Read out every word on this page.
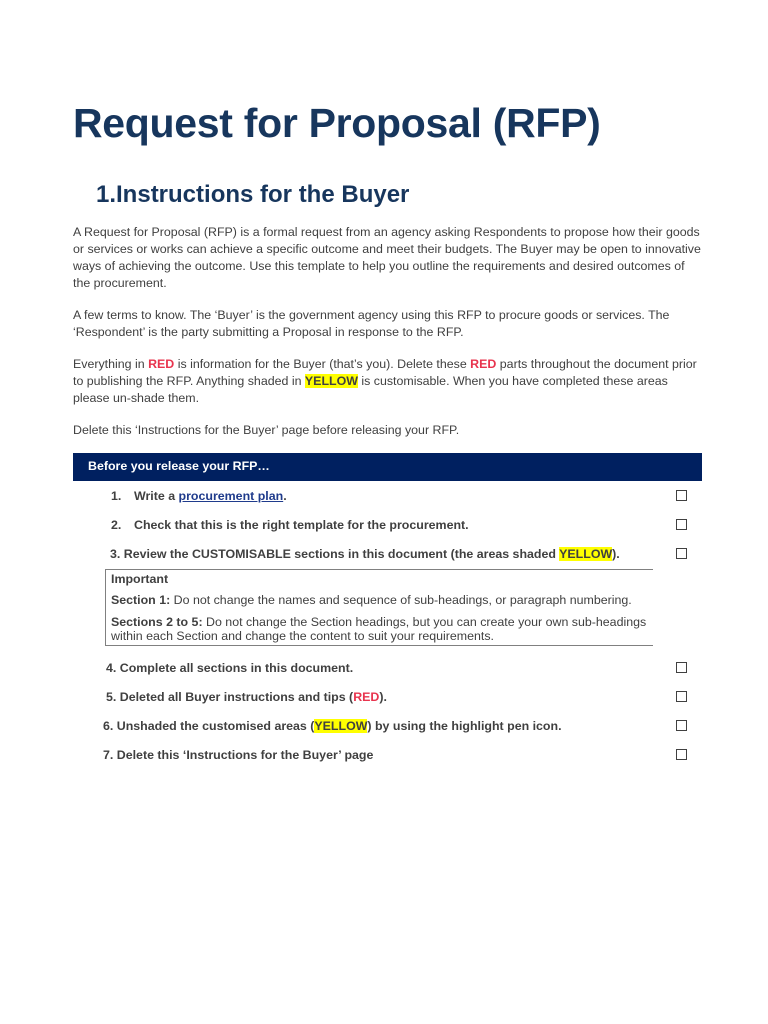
Request for Proposal (RFP)
1.Instructions for the Buyer

A Request for Proposal (RFP) is a formal request from an agency asking Respondents to propose how their goods or services or works can achieve a specific outcome and meet their budgets. The Buyer may be open to innovative ways of achieving the outcome. Use this template to help you outline the requirements and desired outcomes of the procurement.

A few terms to know. The ‘Buyer’ is the government agency using this RFP to procure goods or services. The ‘Respondent’ is the party submitting a Proposal in response to the RFP.

Everything in RED is information for the Buyer (that’s you). Delete these RED parts throughout the document prior to publishing the RFP. Anything shaded in YELLOW is customisable. When you have completed these areas please un-shade them.

Delete this ‘Instructions for the Buyer’ page before releasing your RFP.

Before you release your RFP…
1. Write a procurement plan.
2. Check that this is the right template for the procurement.
3. Review the CUSTOMISABLE sections in this document (the areas shaded YELLOW).
Important
Section 1: Do not change the names and sequence of sub-headings, or paragraph numbering.
Sections 2 to 5: Do not change the Section headings, but you can create your own sub-headings within each Section and change the content to suit your requirements.
4. Complete all sections in this document.
5. Deleted all Buyer instructions and tips (RED).
6. Unshaded the customised areas (YELLOW) by using the highlight pen icon.
7. Delete this ‘Instructions for the Buyer’ page
